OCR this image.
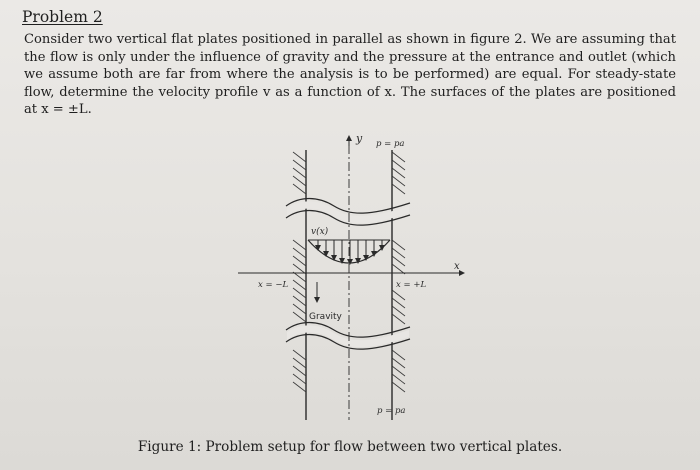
Problem 2
Consider two vertical flat plates positioned in parallel as shown in figure 2. We are assuming that the flow is only under the influence of gravity and the pressure at the entrance and outlet (which we assume both are far from where the analysis is to be performed) are equal. For steady-state flow, determine the velocity profile v as a function of x. The surfaces of the plates are positioned at x = ±L.
y p = pa
v(x)
x
x = −L	x = +L
Gravity
p = pa
Figure 1: Problem setup for flow between two vertical plates.
